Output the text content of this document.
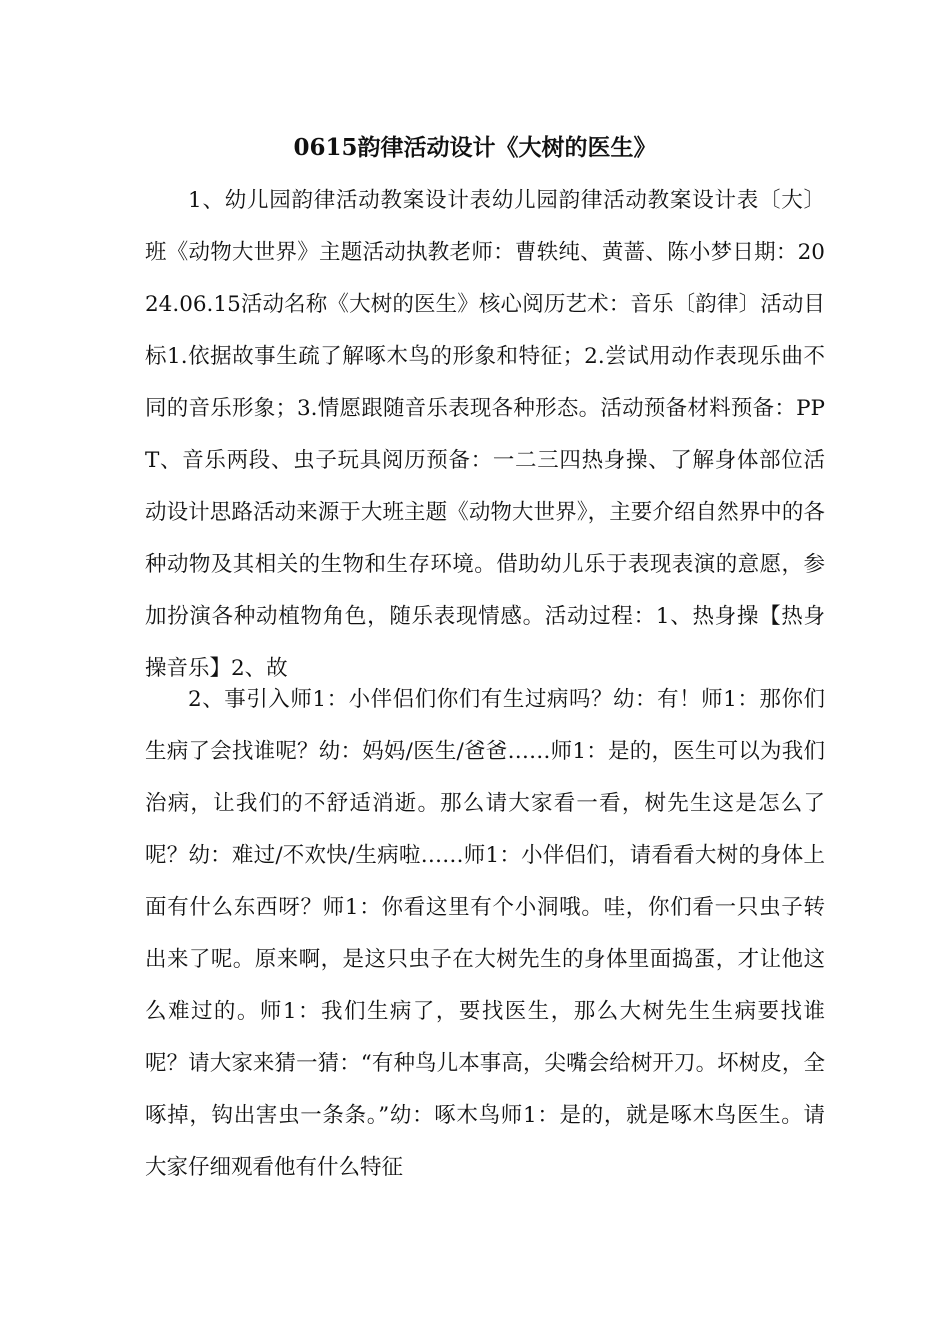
0615韵律活动设计《大树的医生》

1、幼儿园韵律活动教案设计表幼儿园韵律活动教案设计表〔大〕班《动物大世界》主题活动执教老师：曹轶纯、黄蔷、陈小梦日期：2024.06.15活动名称《大树的医生》核心阅历艺术：音乐〔韵律〕活动目标1.依据故事生疏了解啄木鸟的形象和特征；2.尝试用动作表现乐曲不同的音乐形象；3.情愿跟随音乐表现各种形态。活动预备材料预备：PPT、音乐两段、虫子玩具阅历预备：一二三四热身操、了解身体部位活动设计思路活动来源于大班主题《动物大世界》，主要介绍自然界中的各种动物及其相关的生物和生存环境。借助幼儿乐于表现表演的意愿，参加扮演各种动植物角色，随乐表现情感。活动过程：1、热身操【热身操音乐】2、故

2、事引入师1：小伴侣们你们有生过病吗？幼：有！师1：那你们生病了会找谁呢？幼：妈妈/医生/爸爸……师1：是的，医生可以为我们治病，让我们的不舒适消逝。那么请大家看一看，树先生这是怎么了呢？幼：难过/不欢快/生病啦……师1：小伴侣们，请看看大树的身体上面有什么东西呀？师1：你看这里有个小洞哦。哇，你们看一只虫子转出来了呢。原来啊，是这只虫子在大树先生的身体里面捣蛋，才让他这么难过的。师1：我们生病了，要找医生，那么大树先生生病要找谁呢？请大家来猜一猜：“有种鸟儿本事高，尖嘴会给树开刀。坏树皮，全啄掉，钩出害虫一条条。”幼：啄木鸟师1：是的，就是啄木鸟医生。请大家仔细观看他有什么特征
